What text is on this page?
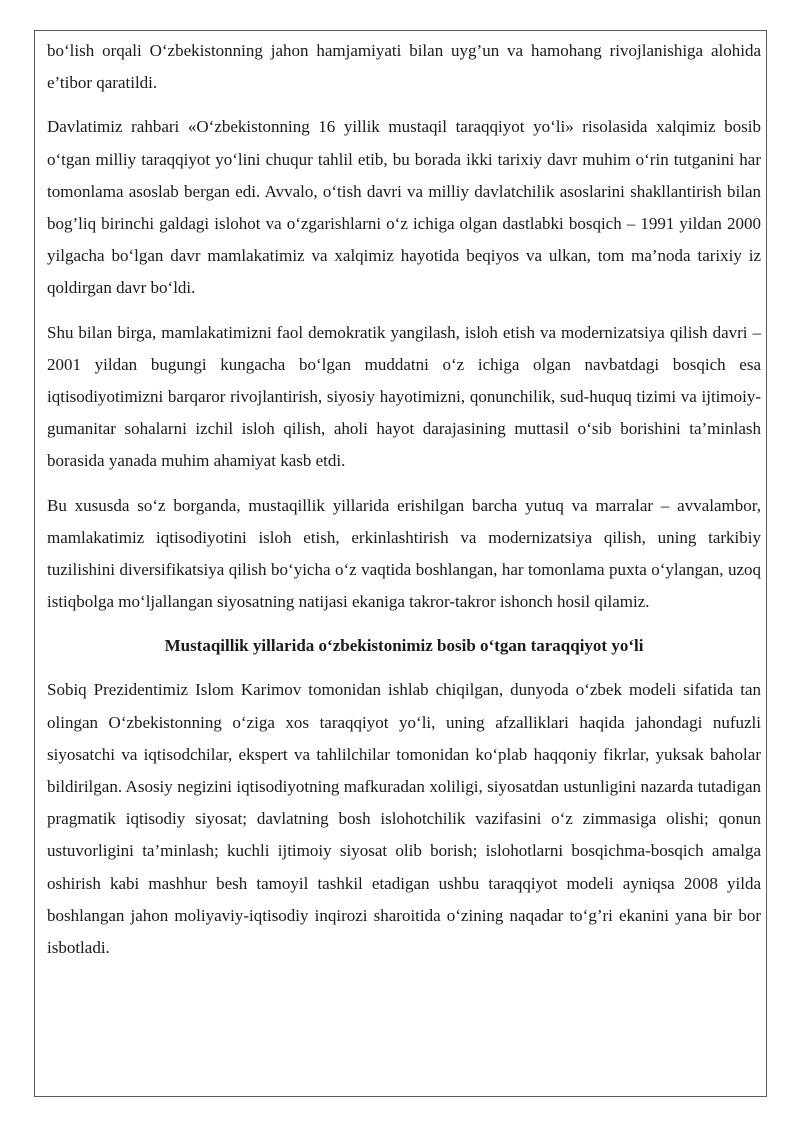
bo‘lish orqali O‘zbekistonning jahon hamjamiyati bilan uyg’un va hamohang rivojlanishiga alohida e’tibor qaratildi.

Davlatimiz rahbari «O‘zbekistonning 16 yillik mustaqil taraqqiyot yo‘li» risolasida xalqimiz bosib o‘tgan milliy taraqqiyot yo‘lini chuqur tahlil etib, bu borada ikki tarixiy davr muhim o‘rin tutganini har tomonlama asoslab bergan edi. Avvalo, o‘tish davri va milliy davlatchilik asoslarini shakllantirish bilan bog’liq birinchi galdagi islohot va o‘zgarishlarni o‘z ichiga olgan dastlabki bosqich – 1991 yildan 2000 yilgacha bo‘lgan davr mamlakatimiz va xalqimiz hayotida beqiyos va ulkan, tom ma’noda tarixiy iz qoldirgan davr bo‘ldi.

Shu bilan birga, mamlakatimizni faol demokratik yangilash, isloh etish va modernizatsiya qilish davri – 2001 yildan bugungi kungacha bo‘lgan muddatni o‘z ichiga olgan navbatdagi bosqich esa iqtisodiyotimizni barqaror rivojlantirish, siyosiy hayotimizni, qonunchilik, sud-huquq tizimi va ijtimoiy-gumanitar sohalarni izchil isloh qilish, aholi hayot darajasining muttasil o‘sib borishini ta’minlash borasida yanada muhim ahamiyat kasb etdi.

Bu xususda so‘z borganda, mustaqillik yillarida erishilgan barcha yutuq va marralar – avvalambor, mamlakatimiz iqtisodiyotini isloh etish, erkinlashtirish va modernizatsiya qilish, uning tarkibiy tuzilishini diversifikatsiya qilish bo‘yicha o‘z vaqtida boshlangan, har tomonlama puxta o‘ylangan, uzoq istiqbolga mo‘ljallangan siyosatning natijasi ekaniga takror-takror ishonch hosil qilamiz.

Mustaqillik yillarida o‘zbekistonimiz bosib o‘tgan taraqqiyot yo‘li

Sobiq Prezidentimiz Islom Karimov tomonidan ishlab chiqilgan, dunyoda o‘zbek modeli sifatida tan olingan O‘zbekistonning o‘ziga xos taraqqiyot yo‘li, uning afzalliklari haqida jahondagi nufuzli siyosatchi va iqtisodchilar, ekspert va tahlilchilar tomonidan ko‘plab haqqoniy fikrlar, yuksak baholar bildirilgan. Asosiy negizini iqtisodiyotning mafkuradan xoliligi, siyosatdan ustunligini nazarda tutadigan pragmatik iqtisodiy siyosat; davlatning bosh islohotchilik vazifasini o‘z zimmasiga olishi; qonun ustuvorligini ta’minlash; kuchli ijtimoiy siyosat olib borish; islohotlarni bosqichma-bosqich amalga oshirish kabi mashhur besh tamoyil tashkil etadigan ushbu taraqqiyot modeli ayniqsa 2008 yilda boshlangan jahon moliyaviy-iqtisodiy inqirozi sharoitida o‘zining naqadar to‘g’ri ekanini yana bir bor isbotladi.
